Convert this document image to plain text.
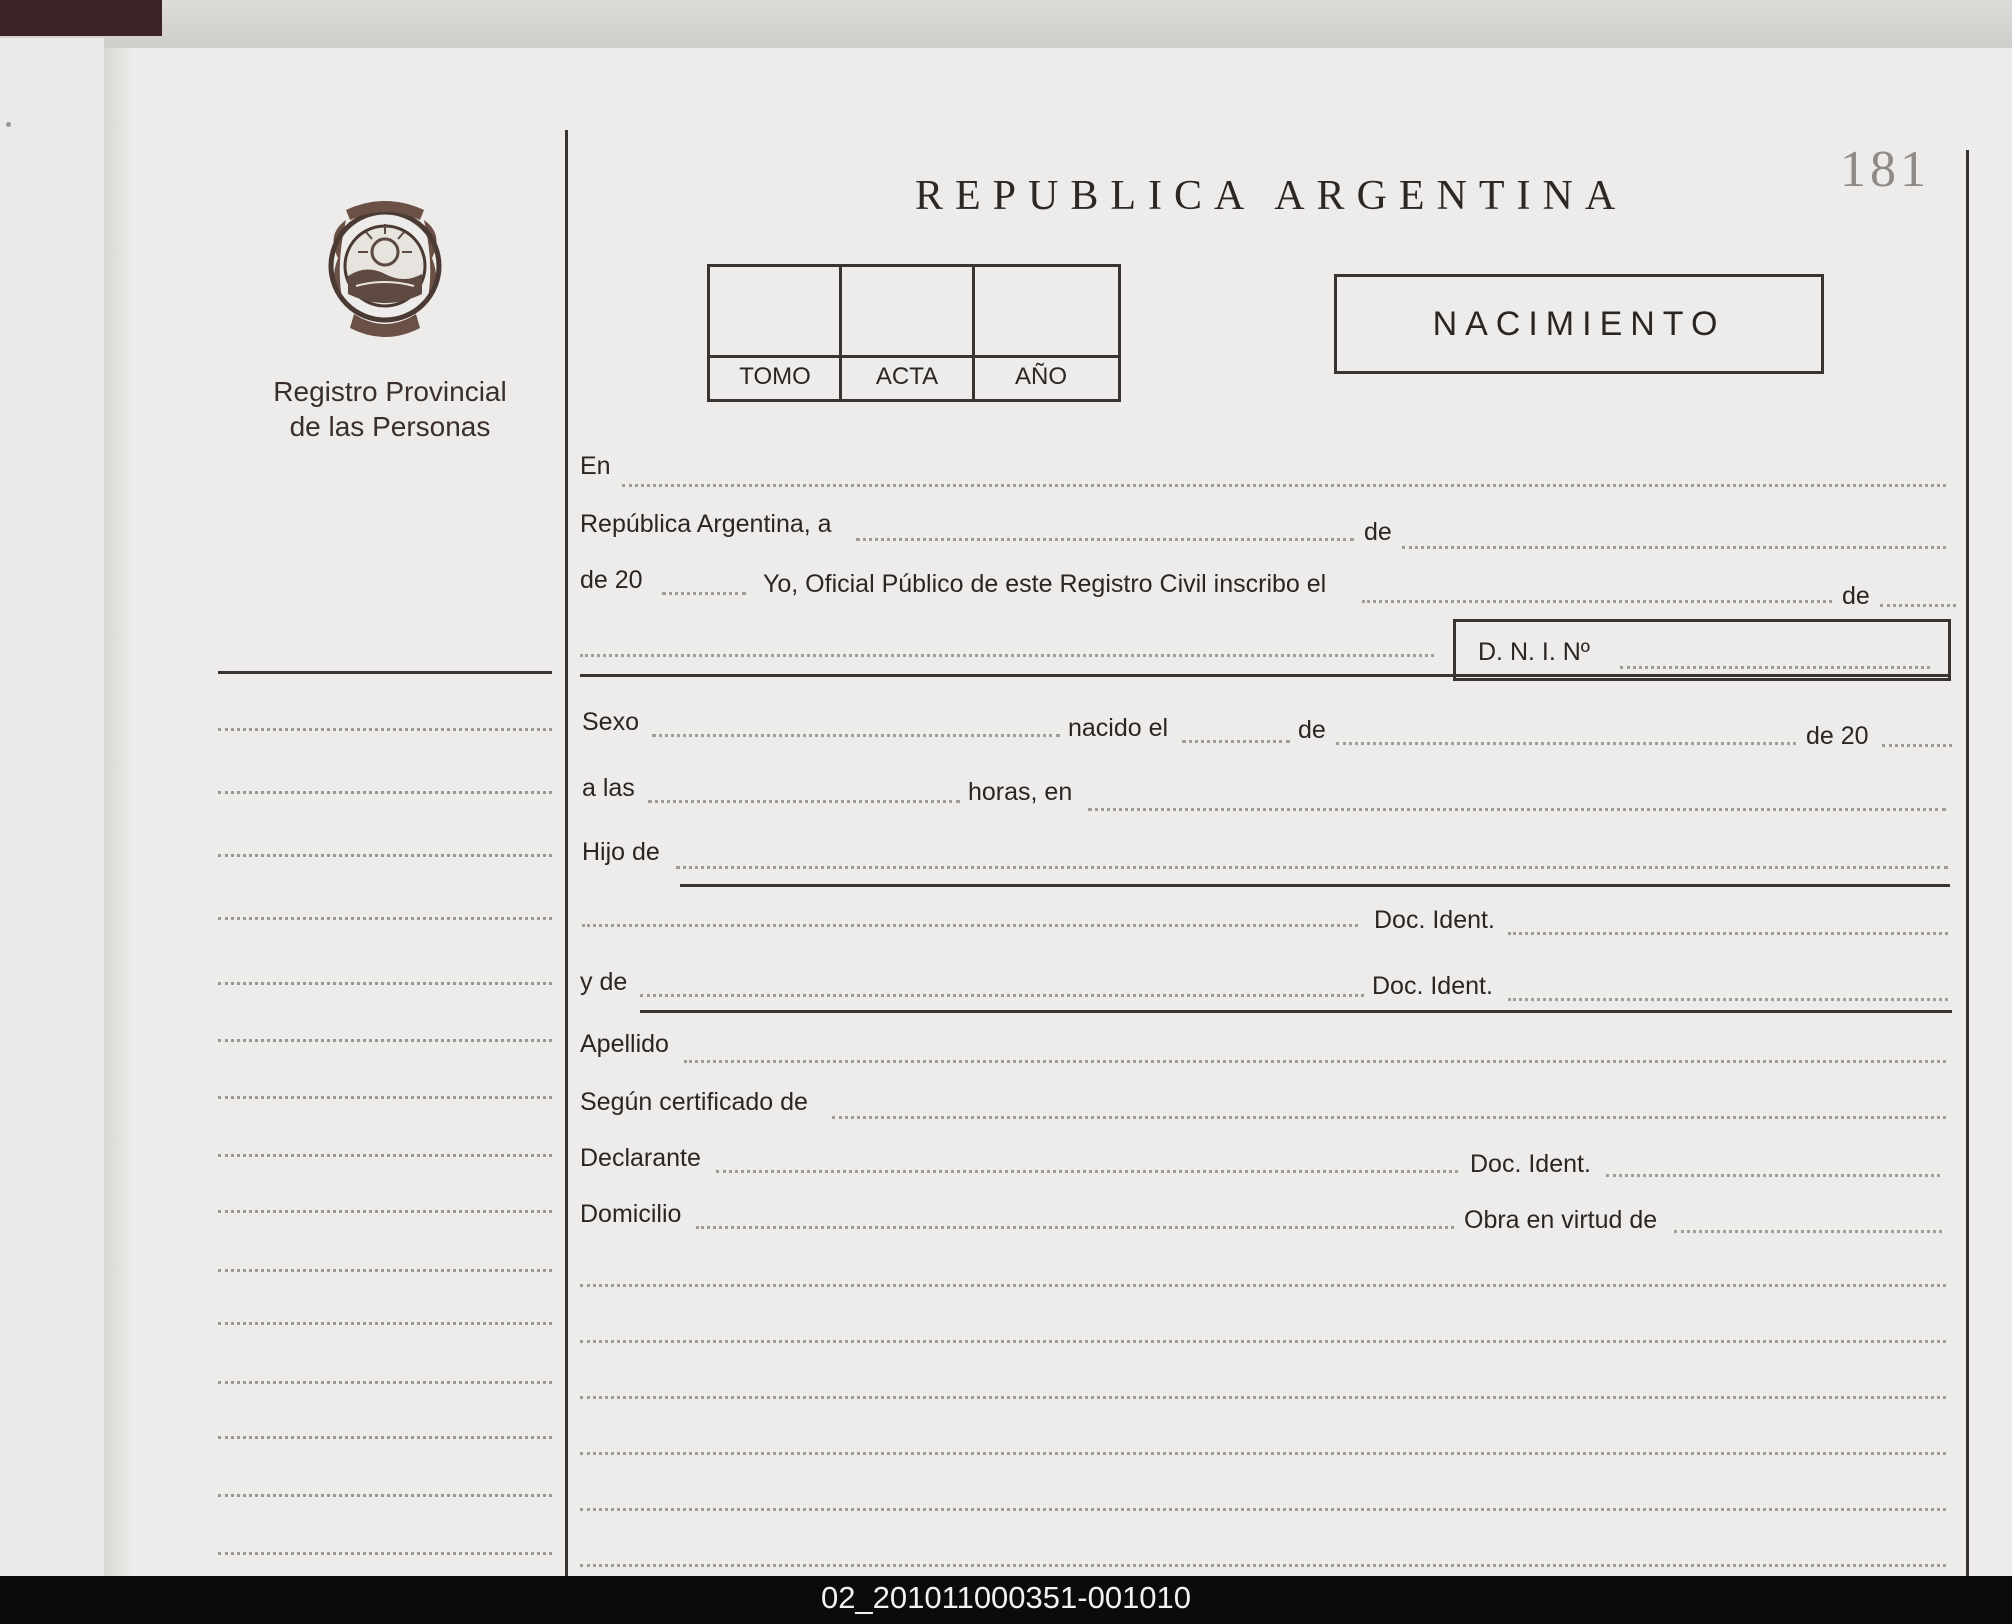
Registro Provincial
de las Personas
REPUBLICA ARGENTINA	181
TOMO	ACTA	AÑO
NACIMIENTO
En
República Argentina, a	de
de 20	Yo, Oficial Público de este Registro Civil inscribo el	de
D. N. I. Nº
Sexo	nacido el	de	de 20
a las	horas, en
Hijo de
Doc. Ident.
y de	Doc. Ident.
Apellido
Según certificado de
Declarante	Doc. Ident.
Domicilio	Obra en virtud de
02_201011000351-001010
